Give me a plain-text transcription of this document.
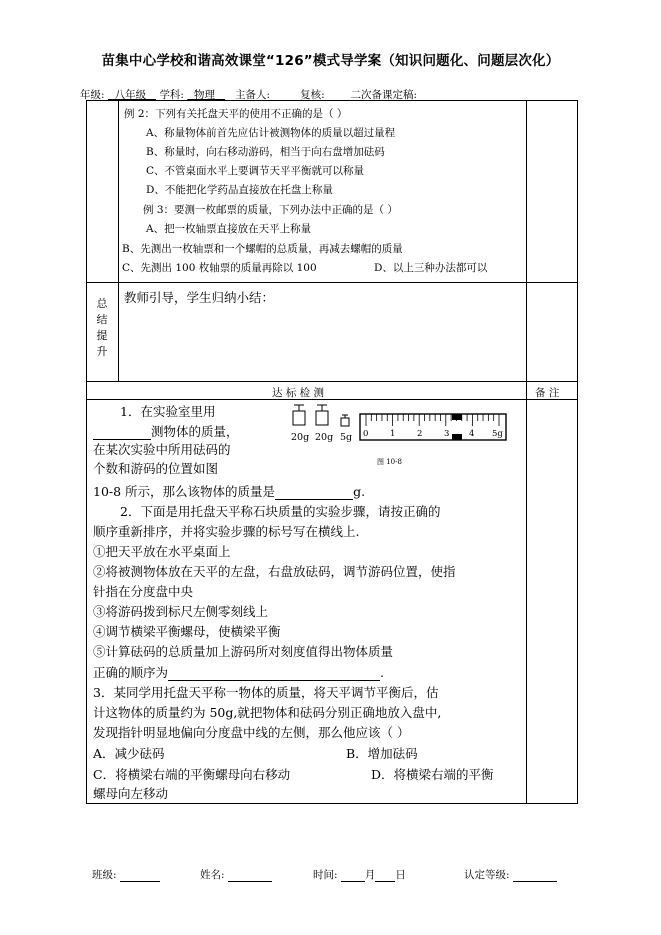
苗集中心学校和谐高效课堂“126”模式导学案（知识问题化、问题层次化）
年级: 八年级 学科: 物理 主备人:	复核: ___ 二次备课定稿: ________
例 2：下列有关托盘天平的使用不正确的是（ ）
A、称量物体前首先应估计被测物体的质量以超过量程
B、称量时，向右移动游码，相当于向右盘增加砝码
C、不管桌面水平上要调节天平平衡就可以称量
D、不能把化学药品直接放在托盘上称量
例 3：要测一枚邮票的质量，下列办法中正确的是（ ）
A、把一枚轴票直接放在天平上称量
B、先测出一枚轴票和一个螺帽的总质量，再减去螺帽的质量
C、先测出 100 枚轴票的质量再除以 100	D、以上三种办法都可以
总
结
提
升
教师引导，学生归纳小结：
达 标 检 测	备 注
1．在实验室里用
测物体的质量，
在某次实验中所用砝码的
个数和游码的位置如图
10-8 所示，那么该物体的质量是	g.
20g 20g 5g 0	1	2	3 4 5g
图 10-8
2．下面是用托盘天平称石块质量的实验步骤，请按正确的
顺序重新排序，并将实验步骤的标号写在横线上.
①把天平放在水平桌面上
②将被测物体放在天平的左盘，右盘放砝码，调节游码位置，使指
针指在分度盘中央
③将游码拨到标尺左侧零刻线上
④调节横梁平衡螺母，使横梁平衡
⑤计算砝码的总质量加上游码所对刻度值得出物体质量
正确的顺序为	.
3．某同学用托盘天平称一物体的质量，将天平调节平衡后，估
计这物体的质量约为 50g,就把物体和砝码分别正确地放入盘中,
发现指针明显地偏向分度盘中线的左侧，那么他应该（ ）
A．减少砝码	B．增加砝码
C．将横梁右端的平衡螺母向右移动	D．将横梁右端的平衡
螺母向左移动
班级:	姓名:	时间:	月 日	认定等级:
